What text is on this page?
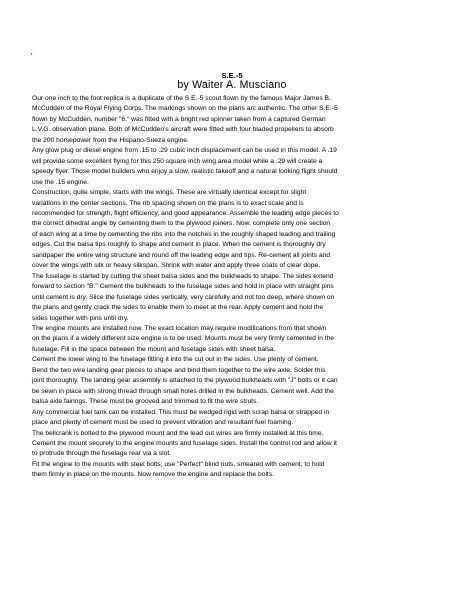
'
S.E.-5
by Waiter A. Musciano
Our one inch to the foot replica is a duplicate of the S.E.-5 scout flown by the famous Major James B.
McCudden of the Royal Flying Corps. The markings shown on the plans arc authentic. The other S.E.-5
flown by McCudden, number "6," was fitted with a bright red spinner taken from a captured German
L.V.G. observation plane. Both of McCudden's aircraft were fitted with four bladed propellers to absorb
the 200 horsepower from the Hispano-Sueza engine.
Any glow plug or diesel engine from .15 to .29 cubic inch displacement can be used in this model. A .19
will provide some excellent flying for this 250 square inch wing area model while a .29 will create a
speedy flyer. Those model builders who enjoy a slow, realistic takeoff and a natural looking flight should
use the .15 engine.
Construction, quite simple, starts with the wings. These are virtually identical except for slight
variations in the center sections. The rib spacing shown on the plans is to exact scale and is
recommended for strength, flight efficiency, and good appearance. Assemble the leading edge pieces to
the correct dihedral angle by cementing them to the plywood joiners. Now, complete only one section
of each wing at a time by cementing the ribs into the notches in the roughly shaped leading and trailing
edges. Cut the balsa tips roughly to shape and cement in place. When the cement is thoroughly dry
sandpaper the entire wing structure and round off the leading edge and tips. Re-cement all joints and
cover the wings with silk or heavy silkspan. Shrink with water and apply three coats of clear dope.
The fuselage is started by cutting the sheet balsa sides and the bulkheads to shape. The sides extend
forward to section "B." Cement the bulkheads to the fuselage sides and hold in place with straight pins
until cement is dry. Slice the fuselage sides vertically, very carefully and not too deep, where shown on
the plans and gently crack the sides to enable them to meet at the rear. Apply cement and hold the
sides together with pins until dry.
The engine mounts are installed now. The exact location may require modifications from that shown
on the plans if a widely different size engine is to be used. Mounts must be very firmly cemented in the
fuselage. Fill in the space between the mount and fuselage sides with sheet balsa.
Cement the lower wing to the fuselage fitting it into the cut out in the sides. Use plenty of cement.
Bend the two wire landing gear pieces to shape and bind them together to the wire axle. Solder this
joint thoroughly. The landing gear assembly is attached to the plywood bulkheads with "J" bolts or it can
be sewn in place with strong thread through small holes drilled in the bulkheads. Cement well. Add the
balsa axle fairings. These must be grooved and trimmed to fit the wire struts.
Any commercial fuel tank can be installed. This must be wedged rigid with scrap balsa or strapped in
place and plenty of cement must be used to prevent vibration and resultant fuel foaming.
The bellcrank is bolted to the plywood mount and the lead out wires are firmly installed at this time.
Cement the mount securely to the engine mounts and fuselage sides. Install the control rod and allow it
to protrude through the fuselage rear via a slot.
Fit the engine to the mounts with steel bolts; use "Perfect" blind nuts, smeared with cement, to hold
them firmly in place on the mounts. Now remove the engine and replace the bolts.
